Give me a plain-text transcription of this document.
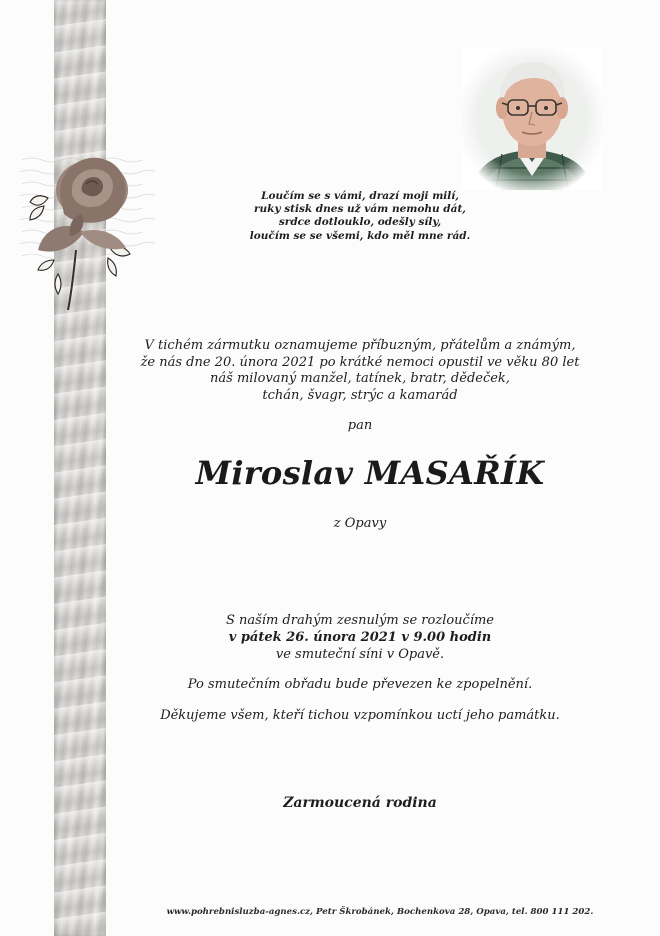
Loučím se s vámi, drazí moji milí,
ruky stisk dnes už vám nemohu dát,
srdce dotlouklo, odešly síly,
loučím se se všemi, kdo měl mne rád.
V tichém zármutku oznamujeme příbuzným, přátelům a známým,
že nás dne 20. února 2021 po krátké nemoci opustil ve věku 80 let
náš milovaný manžel, tatínek, bratr, dědeček,
tchán, švagr, strýc a kamarád
pan
Miroslav MASAŘÍK
z Opavy
S naším drahým zesnulým se rozloučíme
v pátek 26. února 2021 v 9.00 hodin
ve smuteční síni v Opavě.
Po smutečním obřadu bude převezen ke zpopelnění.
Děkujeme všem, kteří tichou vzpomínkou uctí jeho památku.
Zarmoucená rodina
www.pohrebnisluzba-agnes.cz, Petr Škrobánek, Bochenkova 28, Opava, tel. 800 111 202.
